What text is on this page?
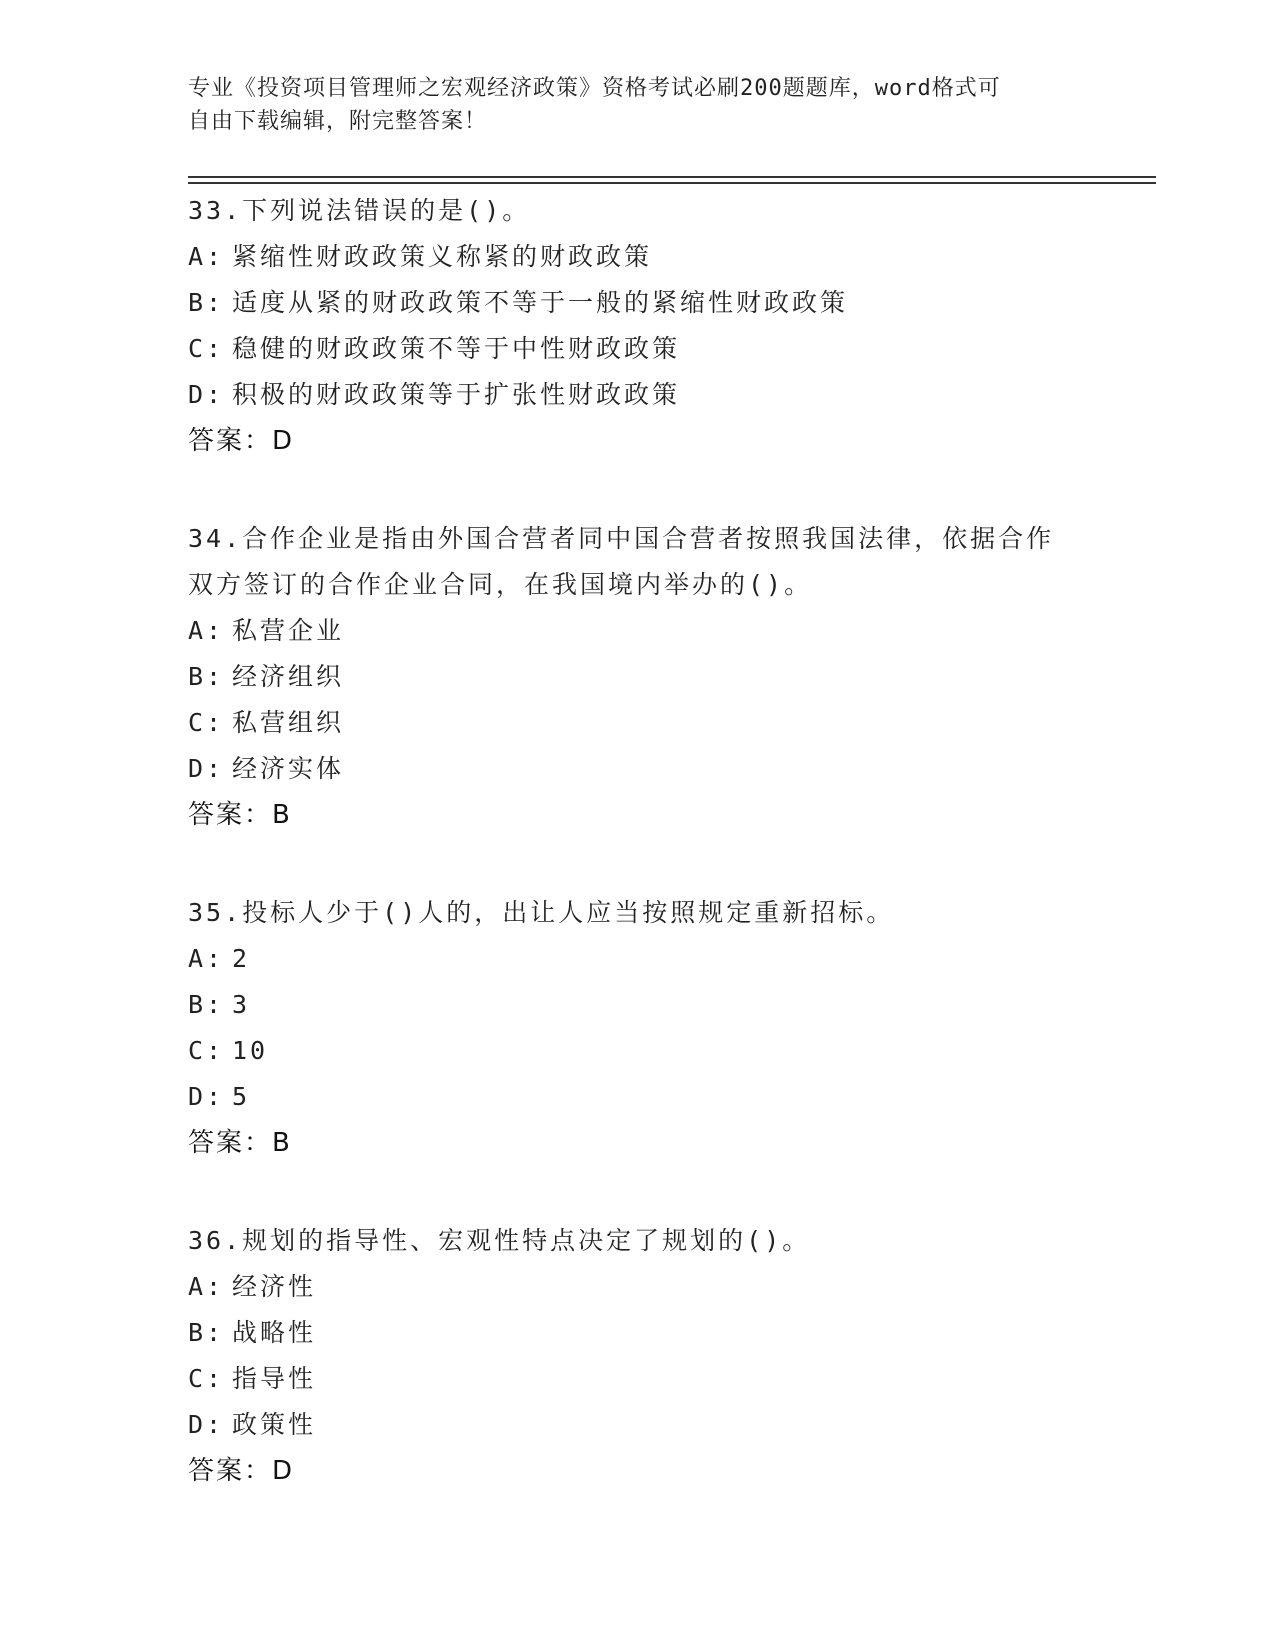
专业《投资项目管理师之宏观经济政策》资格考试必刷200题题库，word格式可
自由下载编辑，附完整答案！
33.下列说法错误的是()。
A: 紧缩性财政政策义称紧的财政政策
B: 适度从紧的财政政策不等于一般的紧缩性财政政策
C: 稳健的财政政策不等于中性财政政策
D: 积极的财政政策等于扩张性财政政策
答案：D
34.合作企业是指由外国合营者同中国合营者按照我国法律，依据合作
双方签订的合作企业合同，在我国境内举办的()。
A: 私营企业
B: 经济组织
C: 私营组织
D: 经济实体
答案：B
35.投标人少于()人的，出让人应当按照规定重新招标。
A: 2
B: 3
C: 10
D: 5
答案：B
36.规划的指导性、宏观性特点决定了规划的()。
A: 经济性
B: 战略性
C: 指导性
D: 政策性
答案：D
